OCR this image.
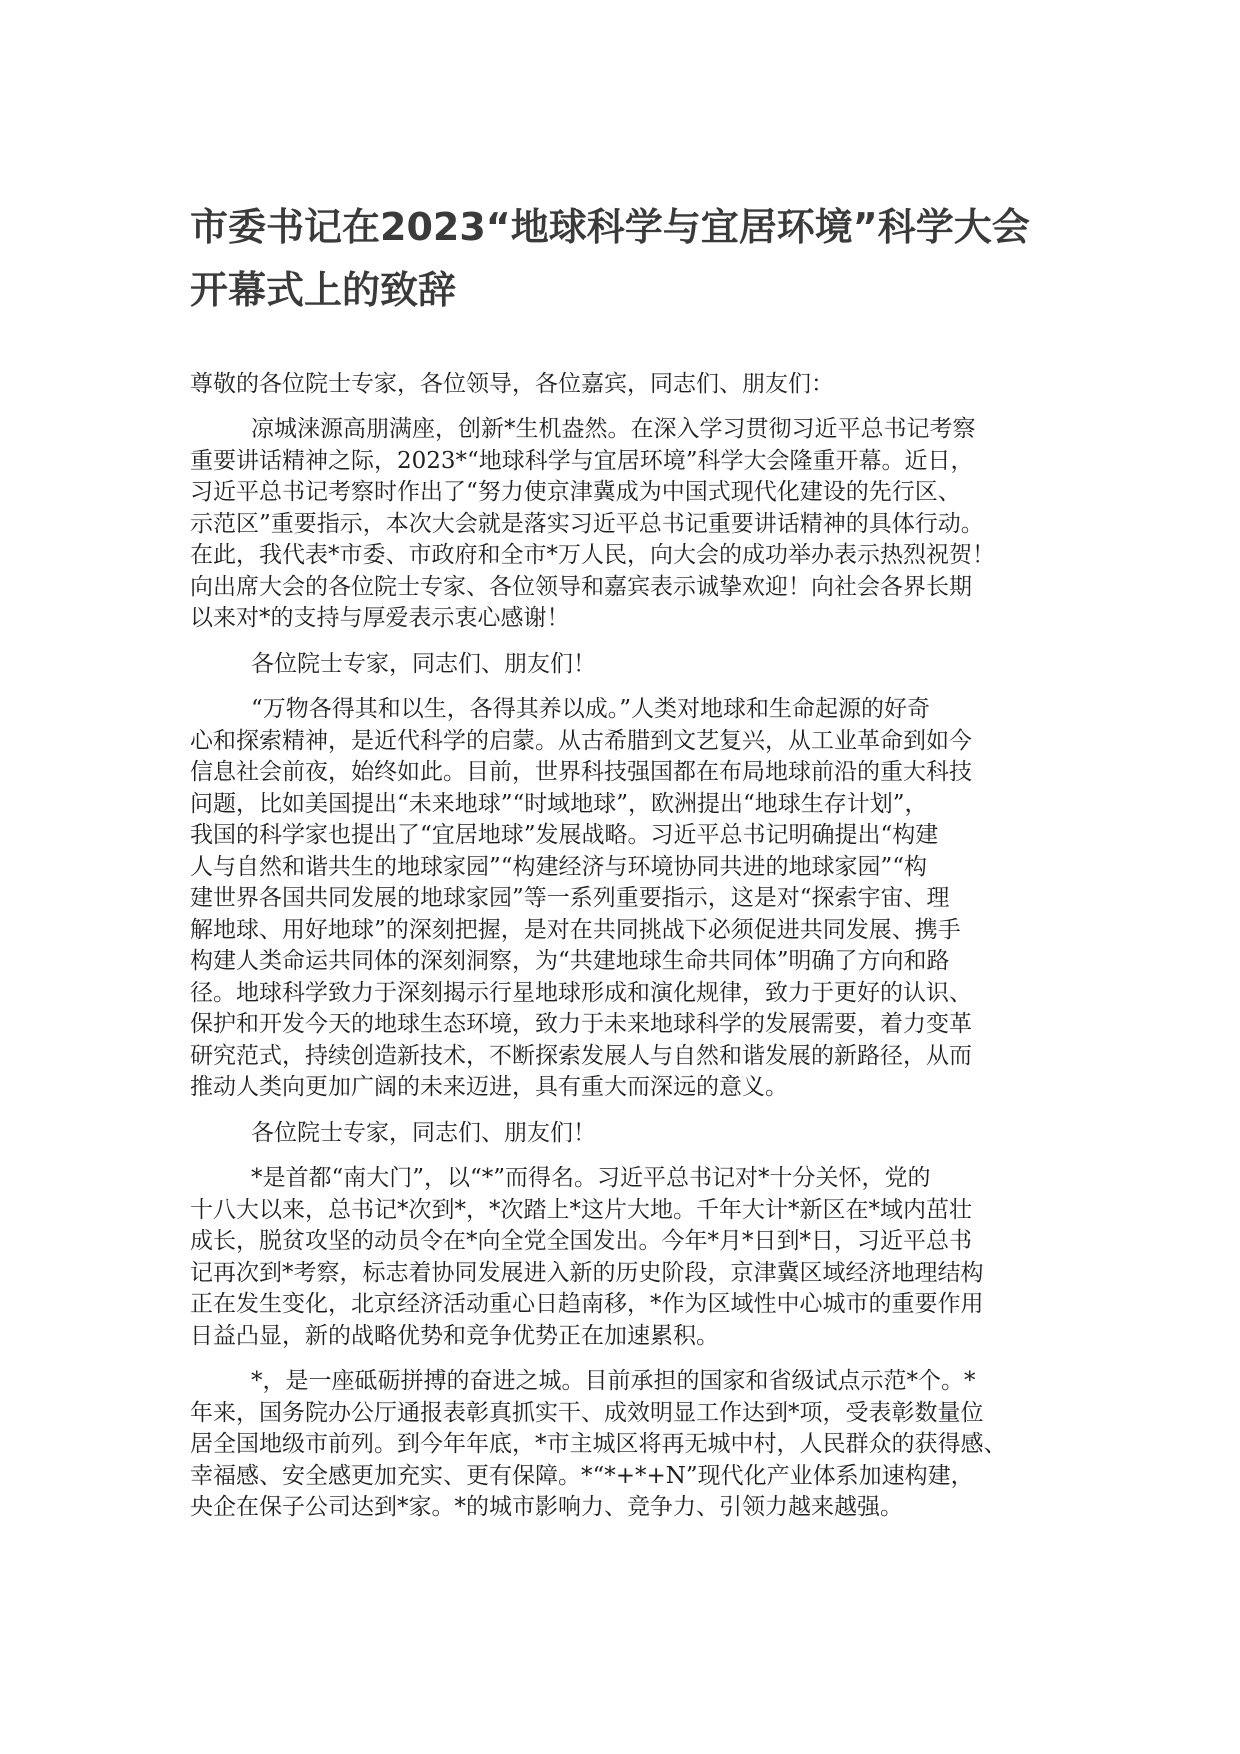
市委书记在2023“地球科学与宜居环境”科学大会
开幕式上的致辞

尊敬的各位院士专家，各位领导，各位嘉宾，同志们、朋友们：

凉城涞源高朋满座，创新*生机盎然。在深入学习贯彻习近平总书记考察
重要讲话精神之际，2023*“地球科学与宜居环境”科学大会隆重开幕。近日，
习近平总书记考察时作出了“努力使京津冀成为中国式现代化建设的先行区、
示范区”重要指示，本次大会就是落实习近平总书记重要讲话精神的具体行动。
在此，我代表*市委、市政府和全市*万人民，向大会的成功举办表示热烈祝贺！
向出席大会的各位院士专家、各位领导和嘉宾表示诚挚欢迎！向社会各界长期
以来对*的支持与厚爱表示衷心感谢！

各位院士专家，同志们、朋友们！

“万物各得其和以生，各得其养以成。”人类对地球和生命起源的好奇
心和探索精神，是近代科学的启蒙。从古希腊到文艺复兴，从工业革命到如今
信息社会前夜，始终如此。目前，世界科技强国都在布局地球前沿的重大科技
问题，比如美国提出“未来地球”“时域地球”，欧洲提出“地球生存计划”，
我国的科学家也提出了“宜居地球”发展战略。习近平总书记明确提出“构建
人与自然和谐共生的地球家园”“构建经济与环境协同共进的地球家园”“构
建世界各国共同发展的地球家园”等一系列重要指示，这是对“探索宇宙、理
解地球、用好地球”的深刻把握，是对在共同挑战下必须促进共同发展、携手
构建人类命运共同体的深刻洞察，为“共建地球生命共同体”明确了方向和路
径。地球科学致力于深刻揭示行星地球形成和演化规律，致力于更好的认识、
保护和开发今天的地球生态环境，致力于未来地球科学的发展需要，着力变革
研究范式，持续创造新技术，不断探索发展人与自然和谐发展的新路径，从而
推动人类向更加广阔的未来迈进，具有重大而深远的意义。

各位院士专家，同志们、朋友们！

*是首都“南大门”，以“*”而得名。习近平总书记对*十分关怀，党的
十八大以来，总书记*次到*，*次踏上*这片大地。千年大计*新区在*域内茁壮
成长，脱贫攻坚的动员令在*向全党全国发出。今年*月*日到*日，习近平总书
记再次到*考察，标志着协同发展进入新的历史阶段，京津冀区域经济地理结构
正在发生变化，北京经济活动重心日趋南移，*作为区域性中心城市的重要作用
日益凸显，新的战略优势和竞争优势正在加速累积。

*，是一座砥砺拼搏的奋进之城。目前承担的国家和省级试点示范*个。*
年来，国务院办公厅通报表彰真抓实干、成效明显工作达到*项，受表彰数量位
居全国地级市前列。到今年年底，*市主城区将再无城中村，人民群众的获得感、
幸福感、安全感更加充实、更有保障。*“*+*+N”现代化产业体系加速构建，
央企在保子公司达到*家。*的城市影响力、竞争力、引领力越来越强。
